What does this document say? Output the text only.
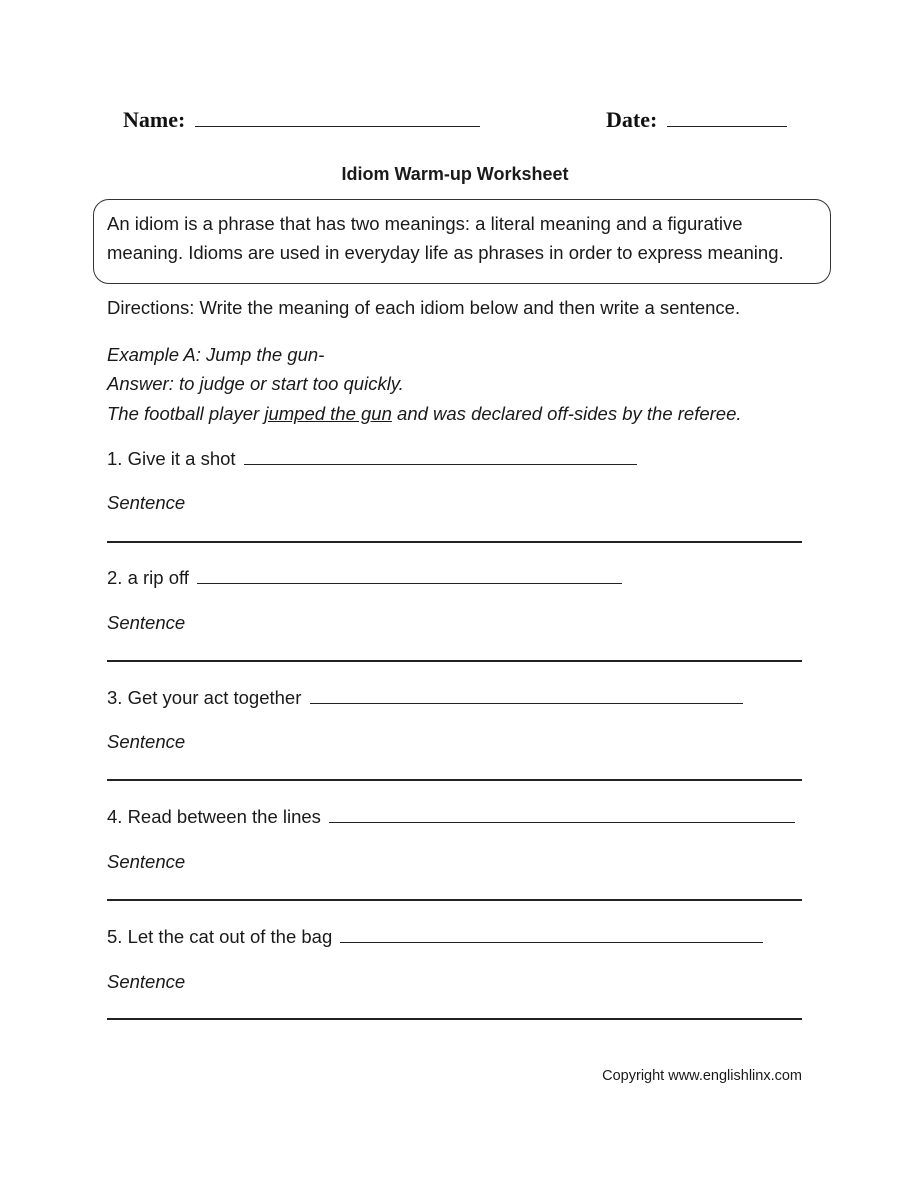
Name:	Date:
Idiom Warm-up Worksheet
An idiom is a phrase that has two meanings: a literal meaning and a figurative meaning. Idioms are used in everyday life as phrases in order to express meaning.
Directions: Write the meaning of each idiom below and then write a sentence.
Example A: Jump the gun-
Answer: to judge or start too quickly.
The football player jumped the gun and was declared off-sides by the referee.
1. Give it a shot
Sentence
2. a rip off
Sentence
3. Get your act together
Sentence
4. Read between the lines
Sentence
5. Let the cat out of the bag
Sentence
Copyright www.englishlinx.com
